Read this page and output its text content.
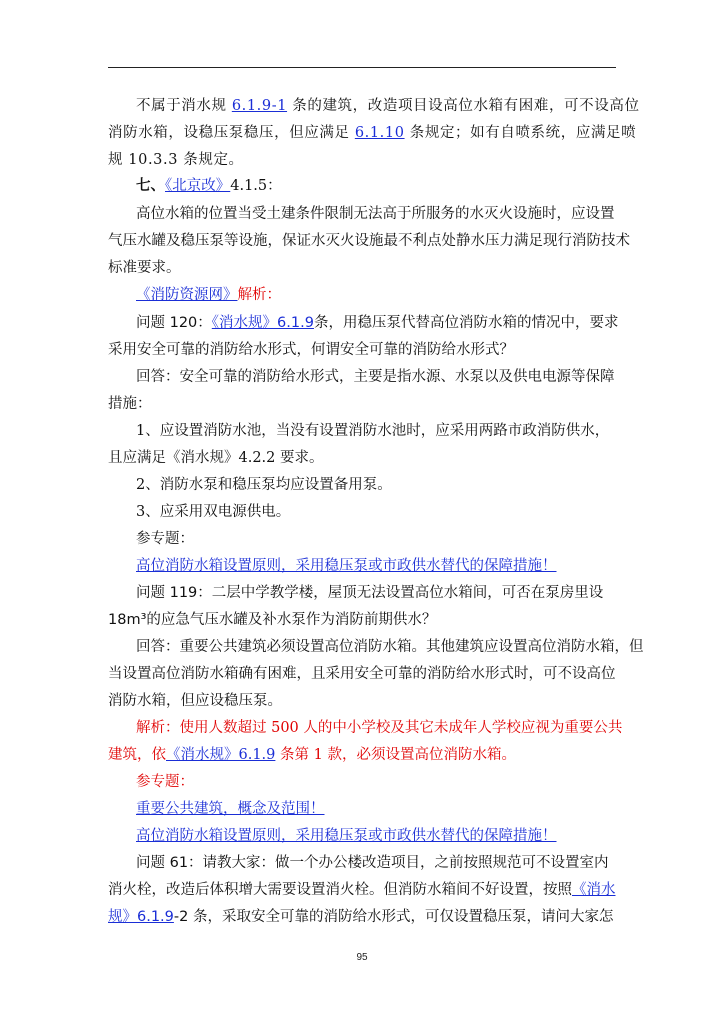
不属于消水规 6.1.9-1 条的建筑，改造项目设高位水箱有困难，可不设高位
消防水箱，设稳压泵稳压，但应满足 6.1.10 条规定；如有自喷系统，应满足喷
规 10.3.3 条规定。
七、《北京改》4.1.5：
高位水箱的位置当受土建条件限制无法高于所服务的水灭火设施时，应设置
气压水罐及稳压泵等设施，保证水灭火设施最不利点处静水压力满足现行消防技术
标准要求。
《消防资源网》解析：
问题 120：《消水规》6.1.9条，用稳压泵代替高位消防水箱的情况中，要求
采用安全可靠的消防给水形式，何谓安全可靠的消防给水形式？
回答：安全可靠的消防给水形式，主要是指水源、水泵以及供电电源等保障
措施：
1、应设置消防水池，当没有设置消防水池时，应采用两路市政消防供水，
且应满足《消水规》4.2.2 要求。
2、消防水泵和稳压泵均应设置备用泵。
3、应采用双电源供电。
参专题：
高位消防水箱设置原则，采用稳压泵或市政供水替代的保障措施！
问题 119：二层中学教学楼，屋顶无法设置高位水箱间，可否在泵房里设
18m³的应急气压水罐及补水泵作为消防前期供水？
回答：重要公共建筑必须设置高位消防水箱。其他建筑应设置高位消防水箱，但
当设置高位消防水箱确有困难，且采用安全可靠的消防给水形式时，可不设高位
消防水箱，但应设稳压泵。
解析：使用人数超过 500 人的中小学校及其它未成年人学校应视为重要公共
建筑，依《消水规》6.1.9 条第 1 款，必须设置高位消防水箱。
参专题：
重要公共建筑，概念及范围！
高位消防水箱设置原则，采用稳压泵或市政供水替代的保障措施！
问题 61：请教大家：做一个办公楼改造项目，之前按照规范可不设置室内
消火栓，改造后体积增大需要设置消火栓。但消防水箱间不好设置，按照《消水
规》6.1.9-2 条，采取安全可靠的消防给水形式，可仅设置稳压泵，请问大家怎
95
